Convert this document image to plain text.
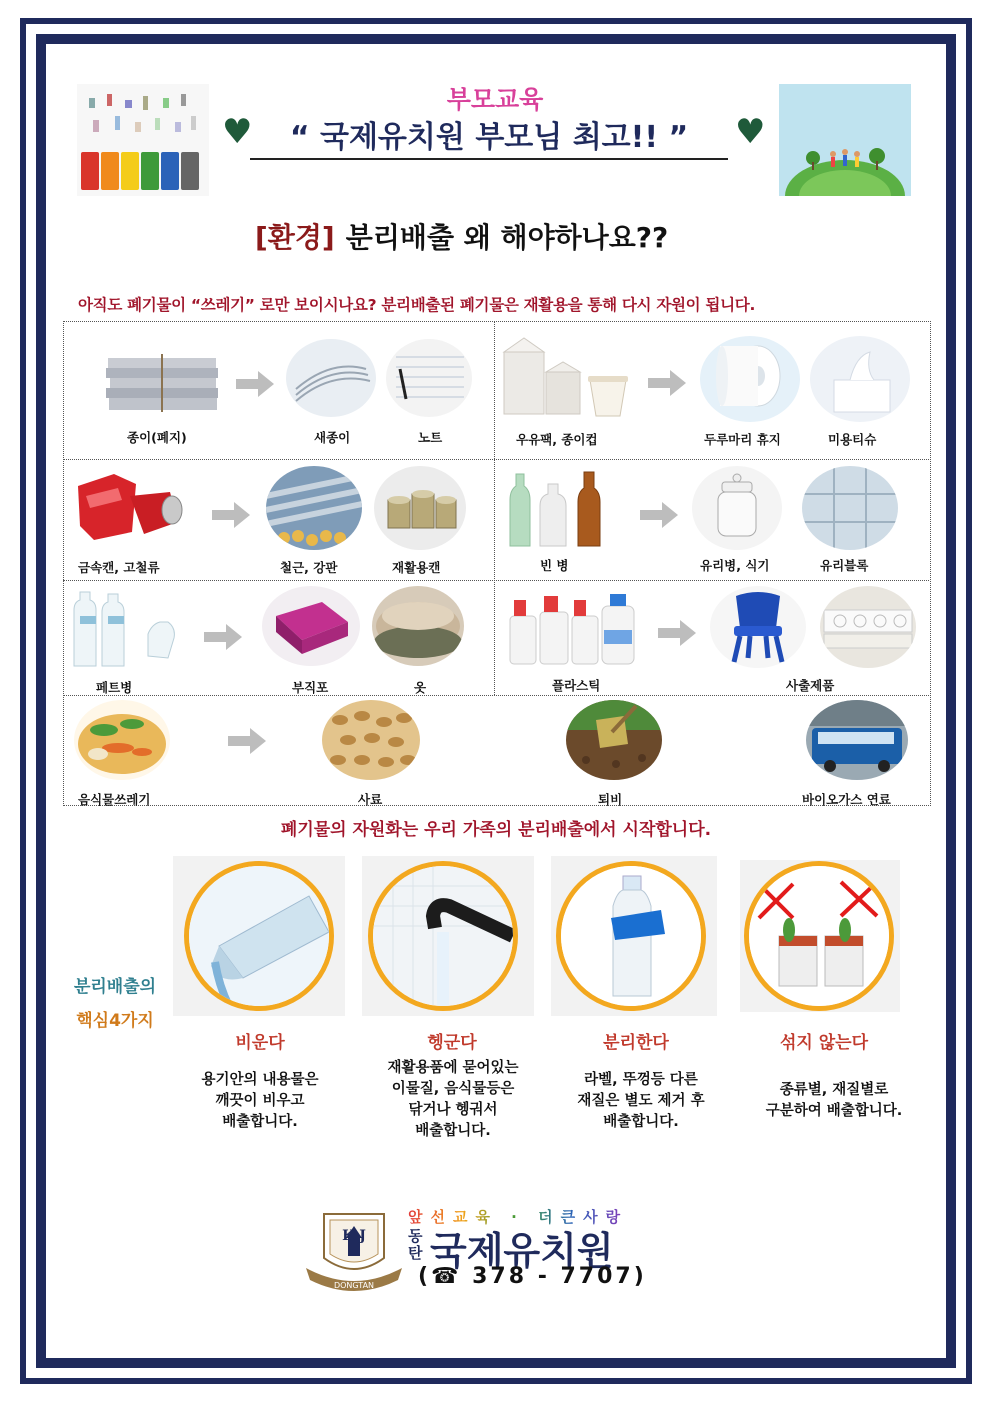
부모교육
♥	♥
“ 국제유치원 부모님 최고!! ”
[환경] 분리배출 왜 해야하나요??
아직도 폐기물이 “쓰레기” 로만 보이시나요? 분리배출된 폐기물은 재활용을 통해 다시 자원이 됩니다.
종이(폐지)	새종이	노트	우유팩, 종이컵	두루마리 휴지	미용티슈
금속캔, 고철류	철근, 강판	재활용캔	빈 병	유리병, 식기	유리블록
페트병	부직포	옷	플라스틱	사출제품
음식물쓰레기	사료	퇴비	바이오가스 연료
폐기물의 자원화는 우리 가족의 분리배출에서 시작합니다.
분리배출의
핵심4가지
비운다
용기안의 내용물은
깨끗이 비우고
배출합니다.
헹군다
재활용품에 묻어있는
이물질, 음식물등은
닦거나 헹궈서
배출합니다.
분리한다
라벨, 뚜껑등 다른
재질은 별도 제거 후
배출합니다.
섞지 않는다
종류별, 재질별로
구분하여 배출합니다.
DONGTAN
K J
앞선교육 · 더큰사랑
동탄 국제유치원
(☎ 378 - 7707)
